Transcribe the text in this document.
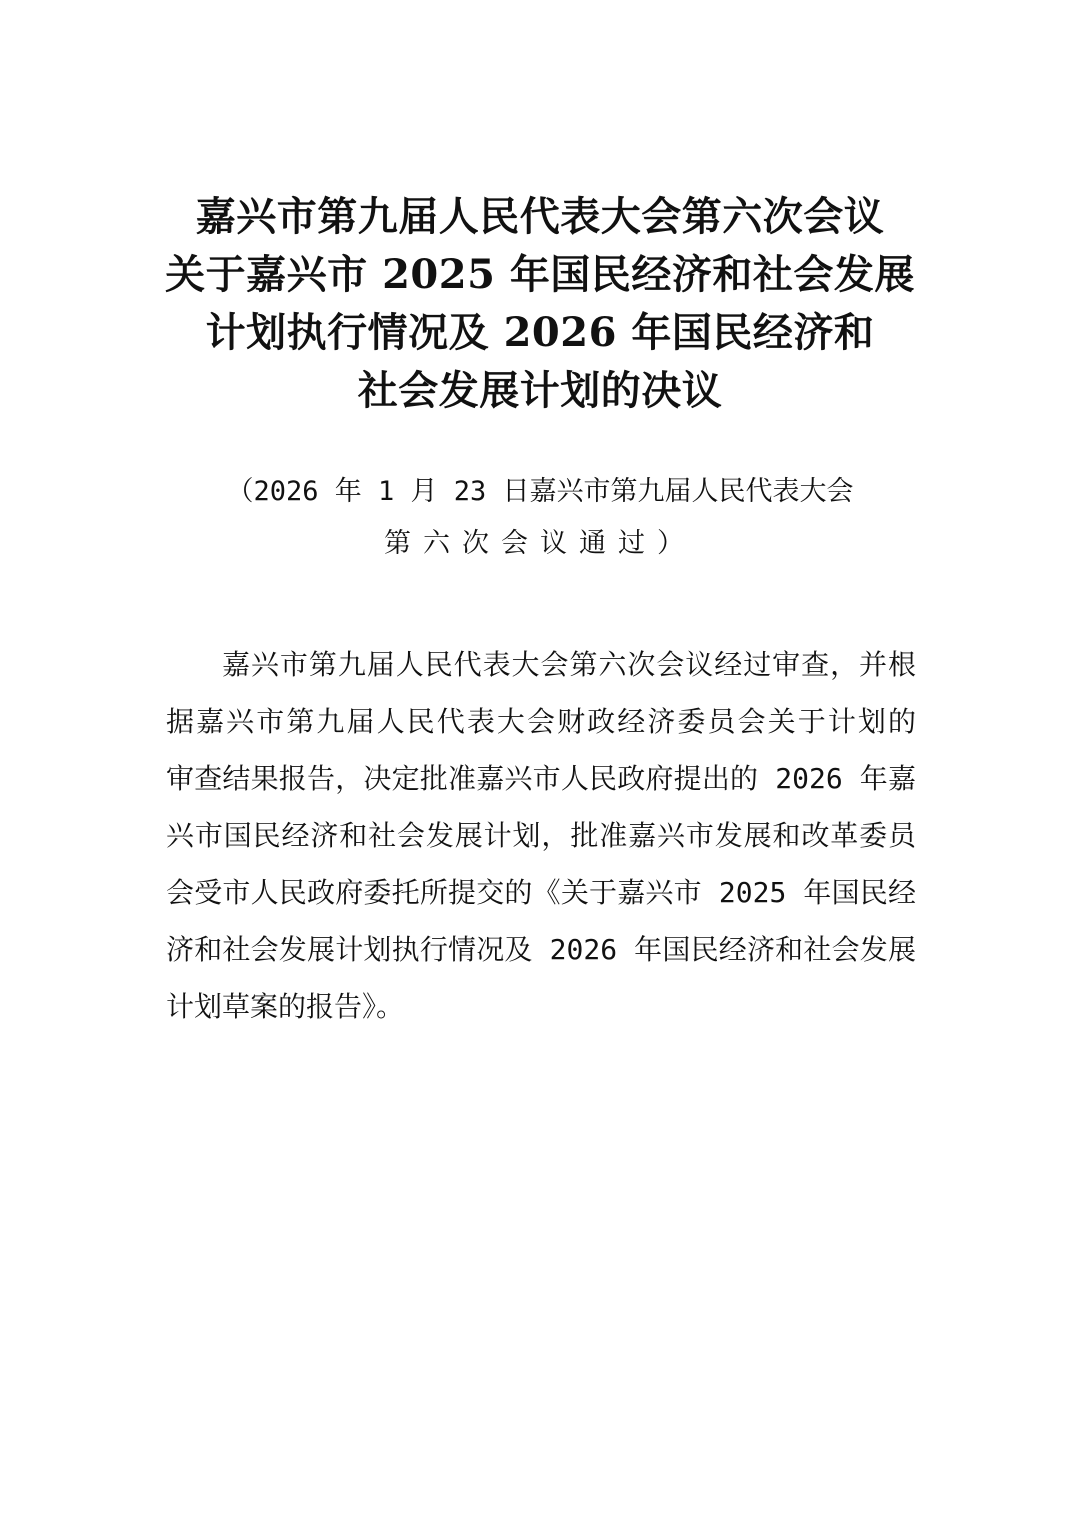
嘉兴市第九届人民代表大会第六次会议
关于嘉兴市 2025 年国民经济和社会发展
计划执行情况及 2026 年国民经济和
社会发展计划的决议
（2026 年 1 月 23 日嘉兴市第九届人民代表大会
第六次会议通过）
嘉兴市第九届人民代表大会第六次会议经过审查，并根
据嘉兴市第九届人民代表大会财政经济委员会关于计划的
审查结果报告，决定批准嘉兴市人民政府提出的 2026 年嘉
兴市国民经济和社会发展计划，批准嘉兴市发展和改革委员
会受市人民政府委托所提交的《关于嘉兴市 2025 年国民经
济和社会发展计划执行情况及 2026 年国民经济和社会发展
计划草案的报告》。
